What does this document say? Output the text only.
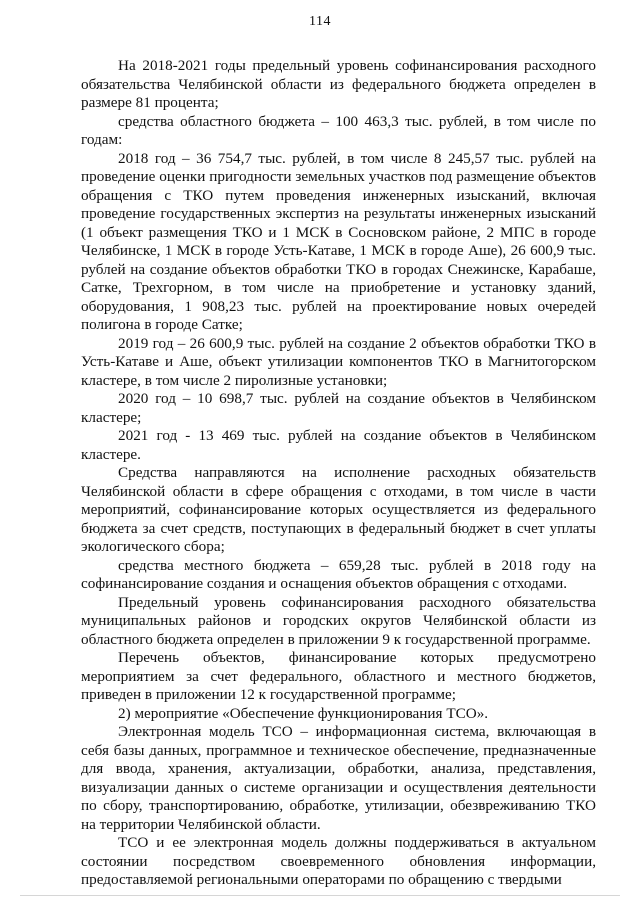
114

На 2018-2021 годы предельный уровень софинансирования расходного обязательства Челябинской области из федерального бюджета определен в размере 81 процента;

средства областного бюджета – 100 463,3 тыс. рублей, в том числе по годам:

2018 год – 36 754,7 тыс. рублей, в том числе 8 245,57 тыс. рублей на проведение оценки пригодности земельных участков под размещение объектов обращения с ТКО путем проведения инженерных изысканий, включая проведение государственных экспертиз на результаты инженерных изысканий (1 объект размещения ТКО и 1 МСК в Сосновском районе, 2 МПС в городе Челябинске, 1 МСК в городе Усть-Катаве, 1 МСК в городе Аше), 26 600,9 тыс. рублей на создание объектов обработки ТКО в городах Снежинске, Карабаше, Сатке, Трехгорном, в том числе на приобретение и установку зданий, оборудования, 1 908,23 тыс. рублей на проектирование новых очередей полигона в городе Сатке;

2019 год – 26 600,9 тыс. рублей на создание 2 объектов обработки ТКО в Усть-Катаве и Аше, объект утилизации компонентов ТКО в Магнитогорском кластере, в том числе 2 пиролизные установки;

2020 год – 10 698,7 тыс. рублей на создание объектов в Челябинском кластере;

2021 год - 13 469 тыс. рублей на создание объектов в Челябинском кластере.

Средства направляются на исполнение расходных обязательств Челябинской области в сфере обращения с отходами, в том числе в части мероприятий, софинансирование которых осуществляется из федерального бюджета за счет средств, поступающих в федеральный бюджет в счет уплаты экологического сбора;

средства местного бюджета – 659,28 тыс. рублей в 2018 году на софинансирование создания и оснащения объектов обращения с отходами.

Предельный уровень софинансирования расходного обязательства муниципальных районов и городских округов Челябинской области из областного бюджета определен в приложении 9 к государственной программе.

Перечень объектов, финансирование которых предусмотрено мероприятием за счет федерального, областного и местного бюджетов, приведен в приложении 12 к государственной программе;

2) мероприятие «Обеспечение функционирования ТСО».

Электронная модель ТСО – информационная система, включающая в себя базы данных, программное и техническое обеспечение, предназначенные для ввода, хранения, актуализации, обработки, анализа, представления, визуализации данных о системе организации и осуществления деятельности по сбору, транспортированию, обработке, утилизации, обезвреживанию ТКО на территории Челябинской области.

ТСО и ее электронная модель должны поддерживаться в актуальном состоянии посредством своевременного обновления информации, предоставляемой региональными операторами по обращению с твердыми
